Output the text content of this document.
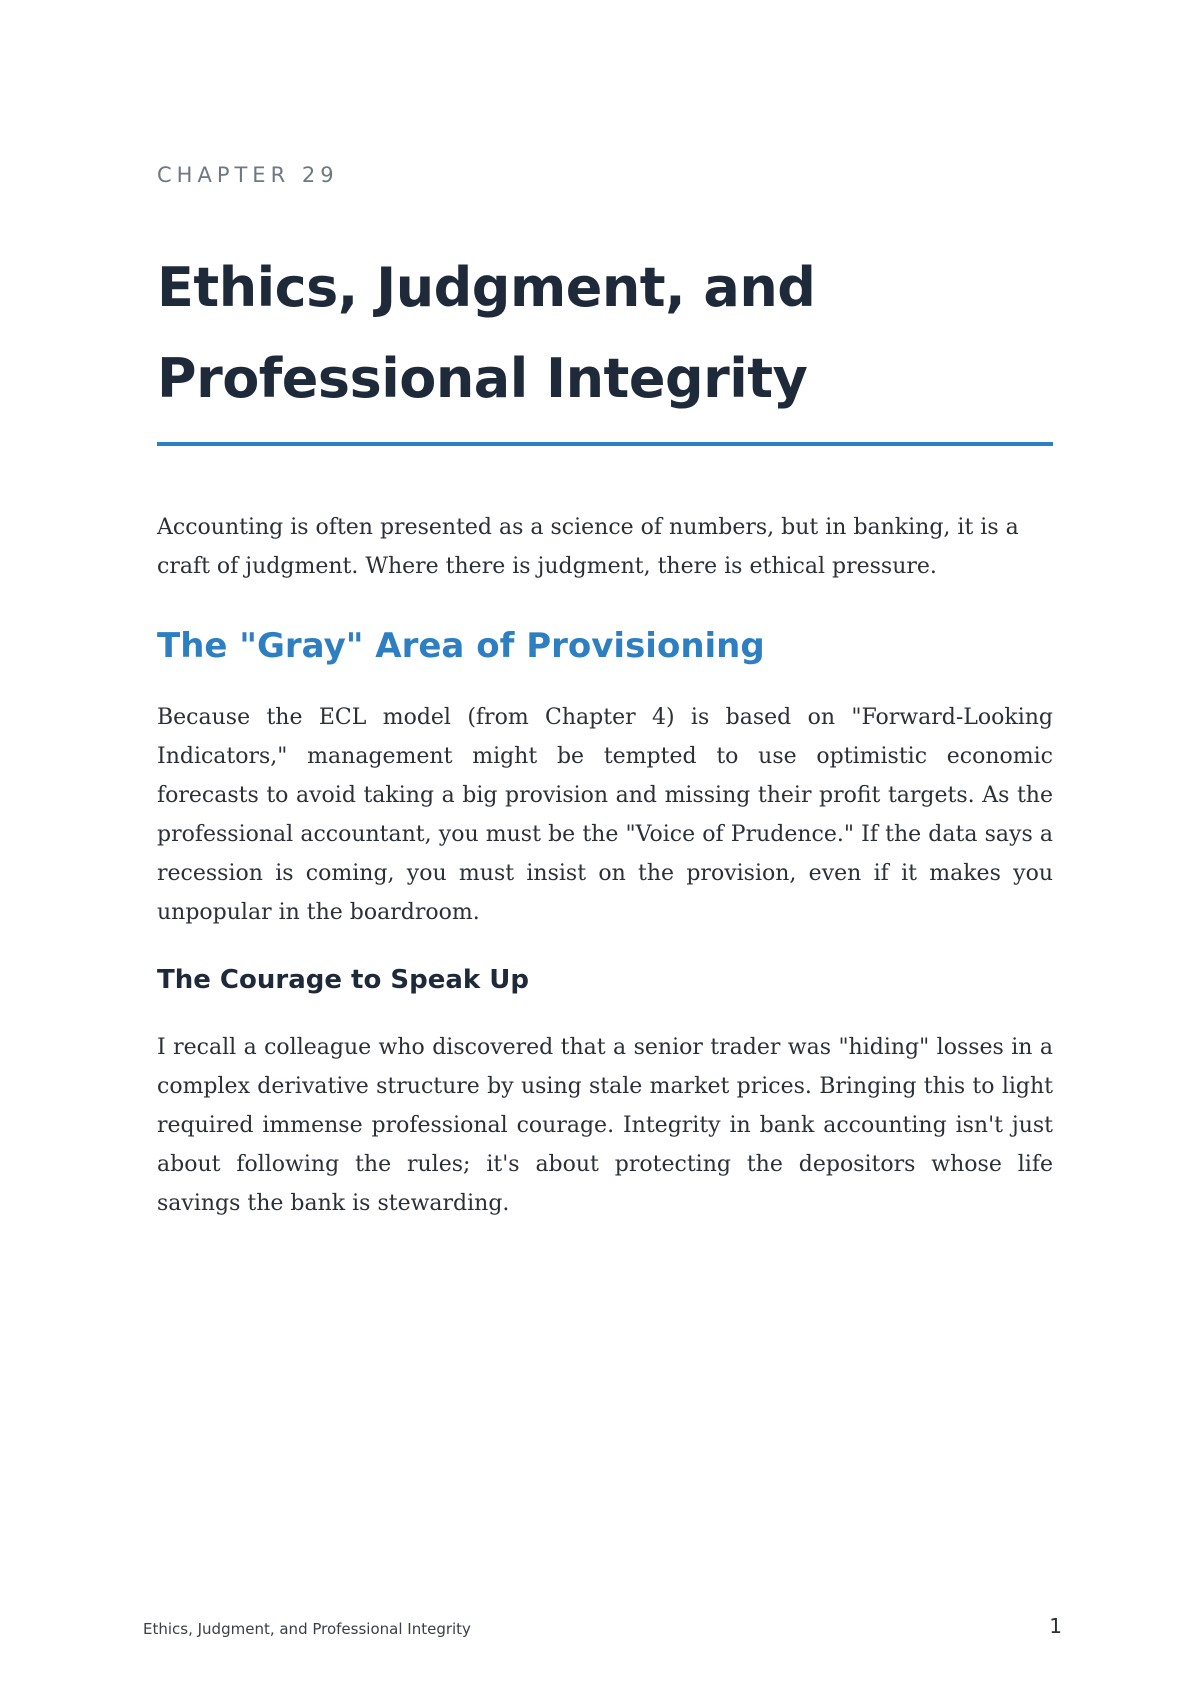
CHAPTER 29

Ethics, Judgment, and
Professional Integrity

Accounting is often presented as a science of numbers, but in banking, it is a craft of judgment. Where there is judgment, there is ethical pressure.

The "Gray" Area of Provisioning

Because the ECL model (from Chapter 4) is based on "Forward-Looking Indicators," management might be tempted to use optimistic economic forecasts to avoid taking a big provision and missing their profit targets. As the professional accountant, you must be the "Voice of Prudence." If the data says a recession is coming, you must insist on the provision, even if it makes you unpopular in the boardroom.

The Courage to Speak Up

I recall a colleague who discovered that a senior trader was "hiding" losses in a complex derivative structure by using stale market prices. Bringing this to light required immense professional courage. Integrity in bank accounting isn't just about following the rules; it's about protecting the depositors whose life savings the bank is stewarding.

Ethics, Judgment, and Professional Integrity	1
